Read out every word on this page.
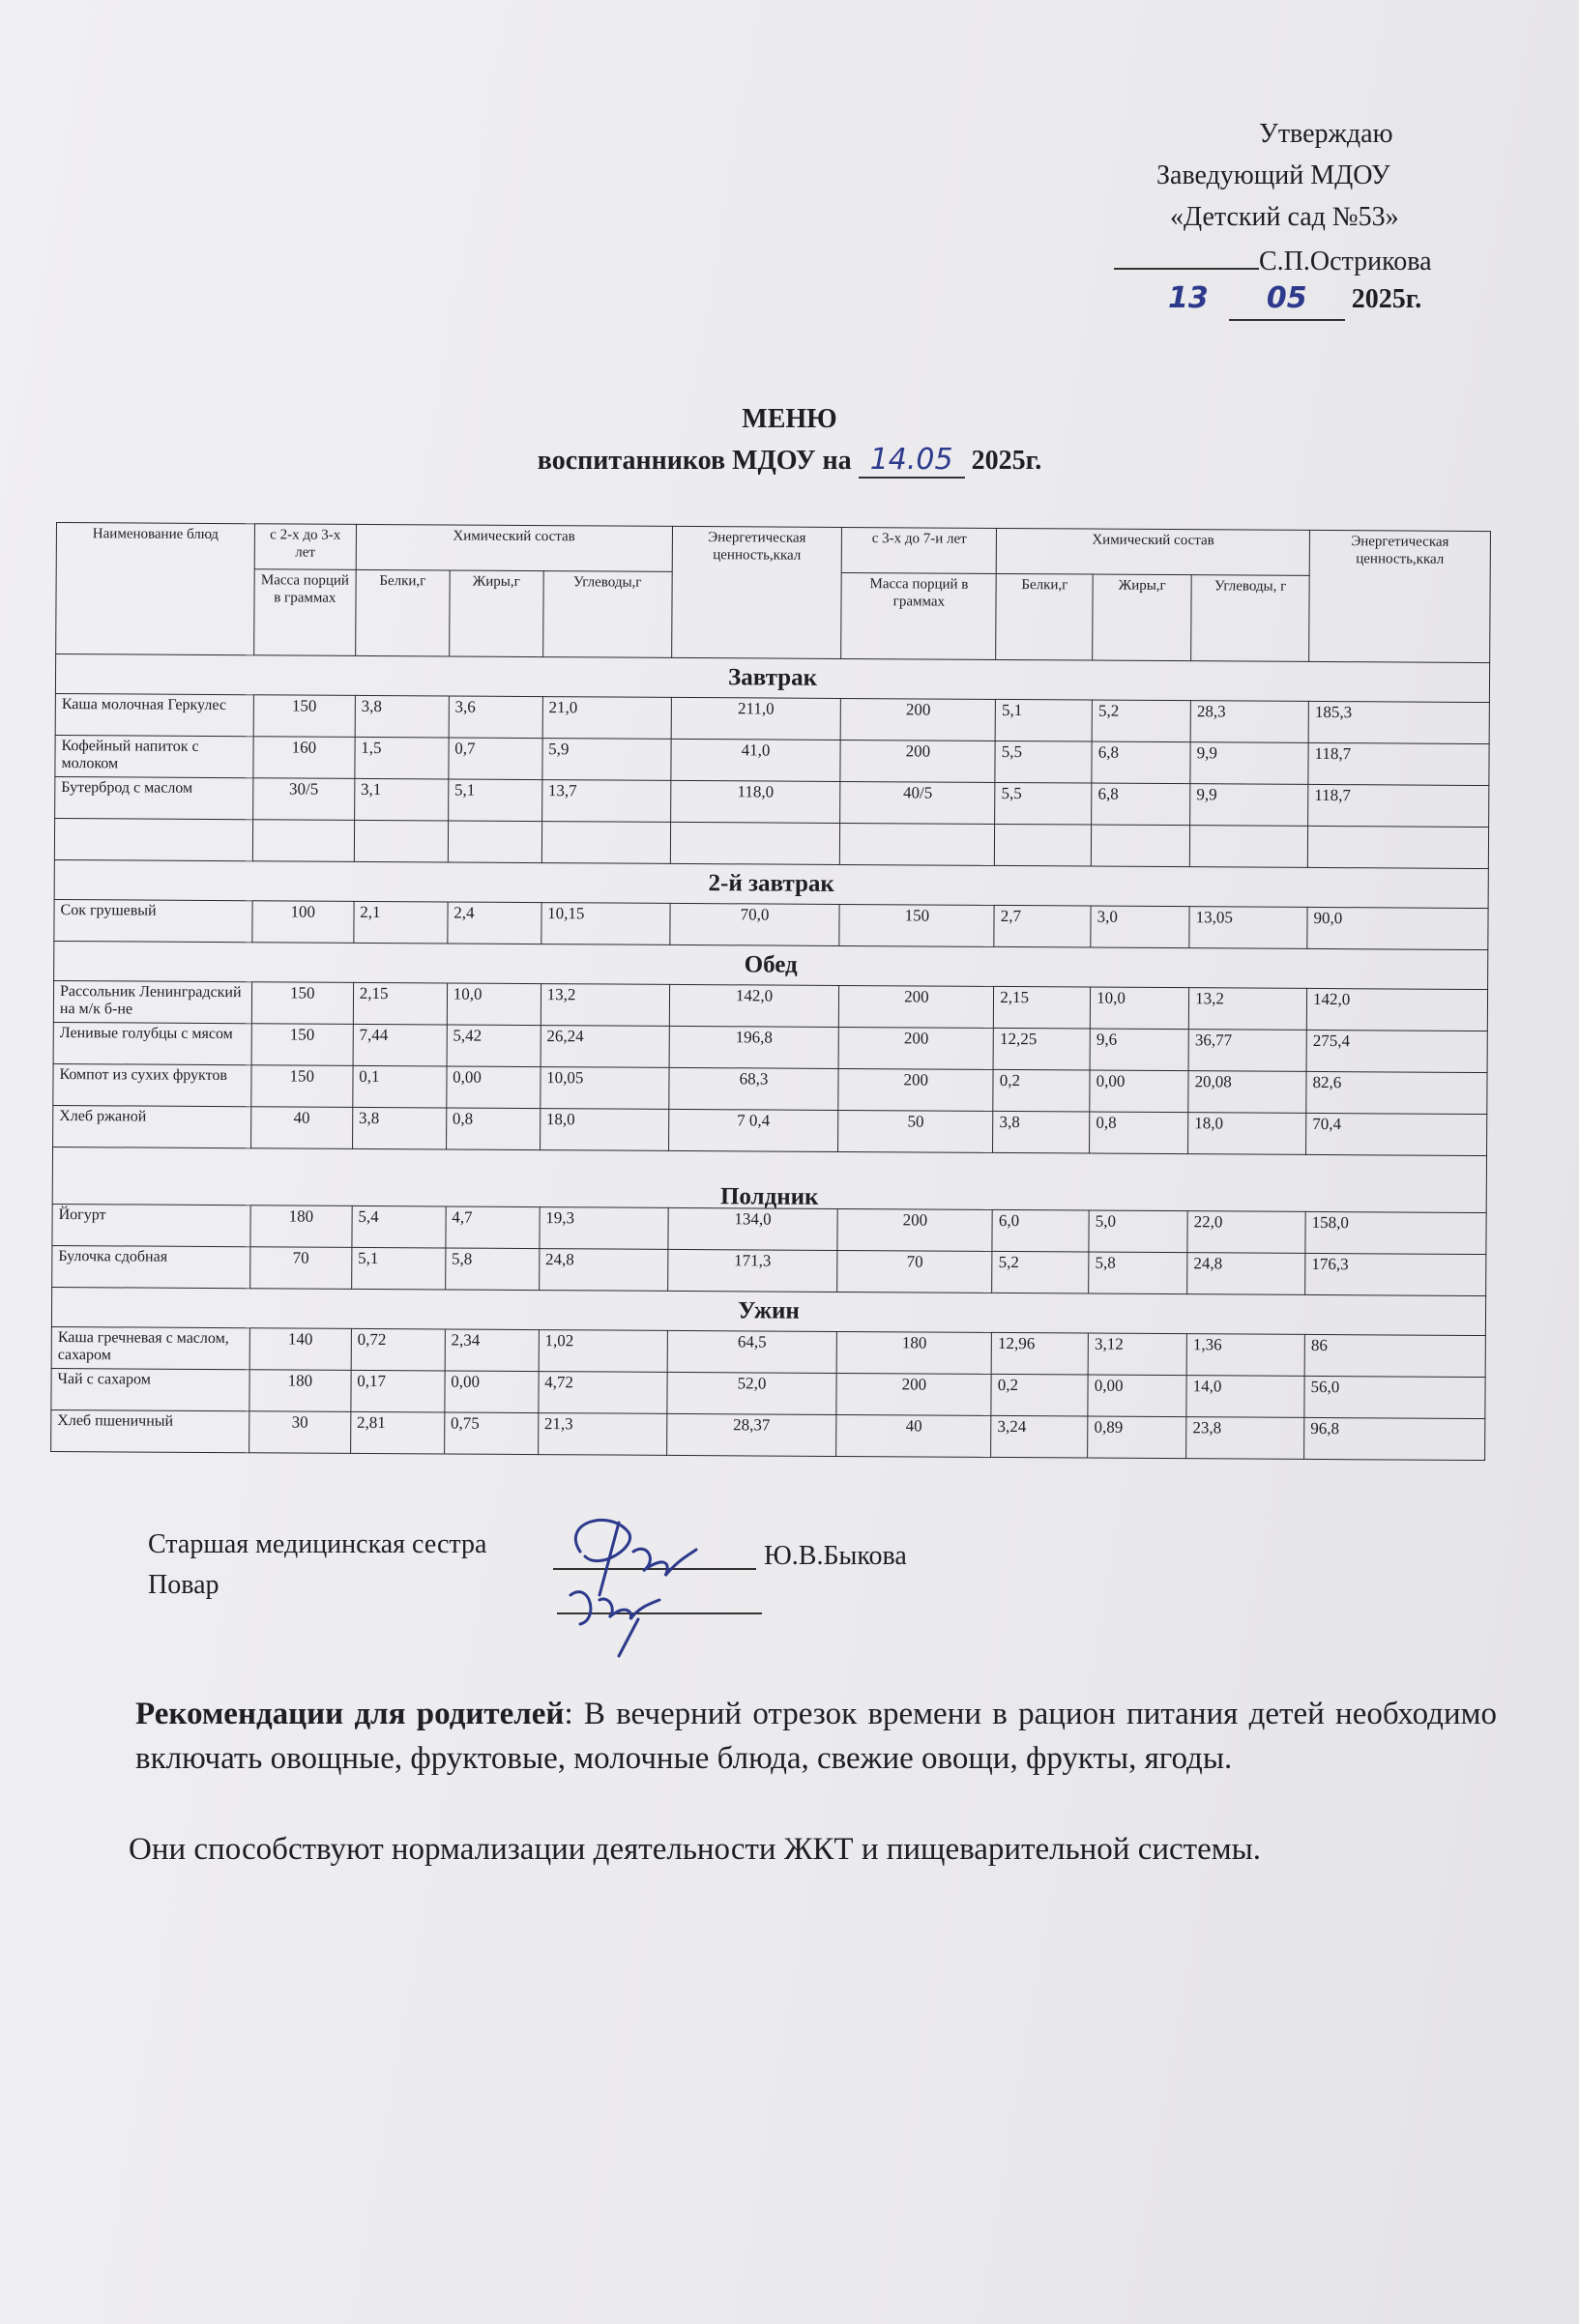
Утверждаю
Заведующий МДОУ
«Детский сад №53»
С.П.Острикова
13 05 2025г.
МЕНЮ
воспитанников МДОУ на 14.05 2025г.
Наименование блюд	с 2-х до 3-х лет	Химический состав			Энергетическая ценность,ккал	с 3-х до 7-и лет	Химический состав			Энергетическая ценность,ккал
	Масса порций в граммах	Белки,г	Жиры,г	Углеводы,г		Масса порций в граммах	Белки,г	Жиры,г	Углеводы, г	
Завтрак										
Каша молочная Геркулес	150	3,8	3,6	21,0	211,0	200	5,1	5,2	28,3	185,3
Кофейный напиток с молоком	160	1,5	0,7	5,9	41,0	200	5,5	6,8	9,9	118,7
Бутерброд с маслом	30/5	3,1	5,1	13,7	118,0	40/5	5,5	6,8	9,9	118,7

2-й завтрак										
Сок грушевый	100	2,1	2,4	10,15	70,0	150	2,7	3,0	13,05	90,0
Обед										
Рассольник Ленинградский на м/к б-не	150	2,15	10,0	13,2	142,0	200	2,15	10,0	13,2	142,0
Ленивые голубцы с мясом	150	7,44	5,42	26,24	196,8	200	12,25	9,6	36,77	275,4
Компот из сухих фруктов	150	0,1	0,00	10,05	68,3	200	0,2	0,00	20,08	82,6
Хлеб ржаной	40	3,8	0,8	18,0	7 0,4	50	3,8	0,8	18,0	70,4
Полдник										
Йогурт	180	5,4	4,7	19,3	134,0	200	6,0	5,0	22,0	158,0
Булочка сдобная	70	5,1	5,8	24,8	171,3	70	5,2	5,8	24,8	176,3
Ужин										
Каша гречневая с маслом, сахаром	140	0,72	2,34	1,02	64,5	180	12,96	3,12	1,36	86
Чай с сахаром	180	0,17	0,00	4,72	52,0	200	0,2	0,00	14,0	56,0
Хлеб пшеничный	30	2,81	0,75	21,3	28,37	40	3,24	0,89	23,8	96,8
Старшая медицинская сестра	Ю.В.Быкова
Повар
Рекомендации для родителей: В вечерний отрезок времени в рацион питания детей необходимо включать овощные, фруктовые, молочные блюда, свежие овощи, фрукты, ягоды.
Они способствуют нормализации деятельности ЖКТ и пищеварительной системы.
